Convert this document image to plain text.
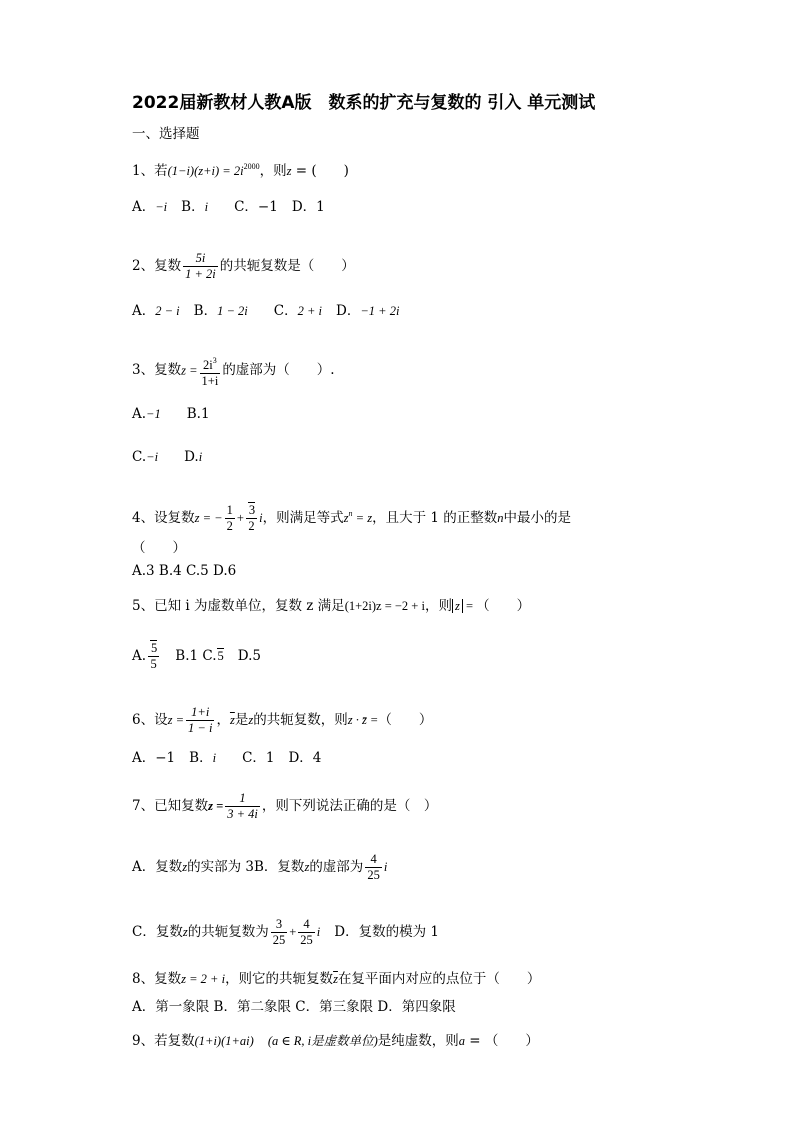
2022届新教材人教A版　数系的扩充与复数的 引入 单元测试
一、选择题
1、若$(1-i)(z+i) = 2i^{2000}$，则z = (　　)
A．−i B．i C．−1 D．1
2、复数 $\frac{5i}{1 + 2i}$ 的共轭复数是（　　）
A．2 − i B．1 − 2i C．2 + i D．−1 + 2i
3、复数$z = \frac{2i^3}{1+i}$ 的虚部为（　　）.
A.−1 B.1
C.−i D.i
4、设复数z = − $\frac{1}{2} + \frac{3}{2}$ i，则满足等式$z^n = z$，且大于 1 的正整数n中最小的是
（　　）
A.3 B.4 C.5 D.6
5、已知 i 为虚数单位，复数 z 满足(1+2i)z = −2 + i，则 z = （　　）
A. $\frac{5}{5} B.1$ C.5 D.5
6、设$z = \frac{1+i}{1 - i}$ ，$\overline{z}$是z的共轭复数，则z · z̄ =（　　）
A．−1 B．i C．1 D．4
7、已知复数$z = \frac{1}{3 + 4i}$ ，则下列说法正确的是（　）
A．复数z的实部为 3B．复数z的虚部为 $\frac{4}{25}$ i
C．复数z的共轭复数为 $\frac{3}{25} + \frac{4}{25}$ i D．复数的模为 1
8、复数z = 2 + i，则它的共轭复数$\overline{z}$在复平面内对应的点位于（　　）
A．第一象限 B．第二象限 C．第三象限 D．第四象限
9、若复数(1+i)(1+ai) (a ∈ R, i是虚数单位)是纯虚数，则a = （　　）
